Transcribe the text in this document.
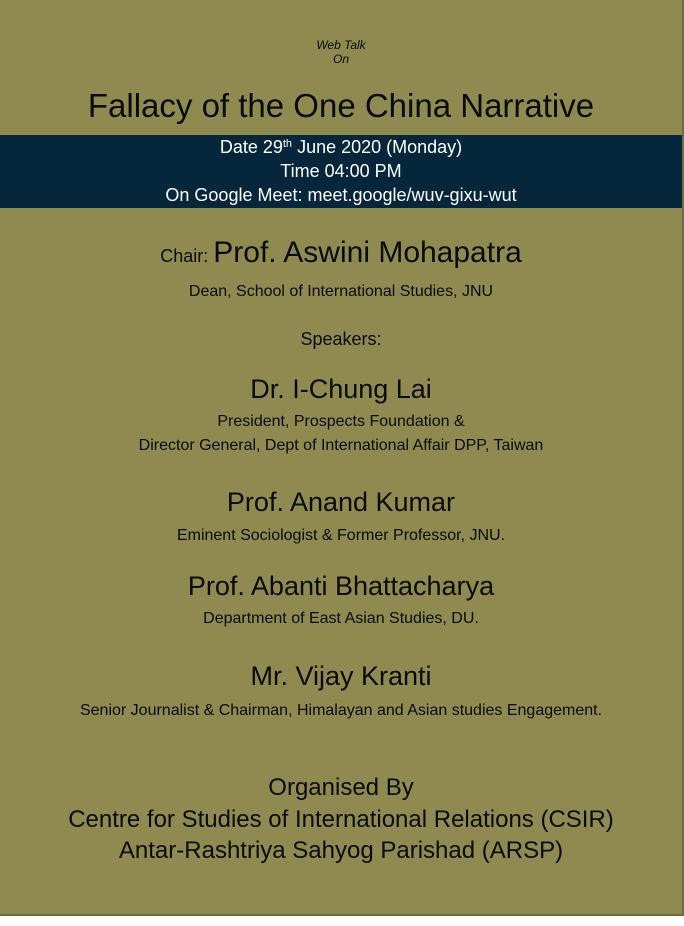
Web Talk
On
Fallacy of the One China Narrative
Date 29th June 2020 (Monday)
Time 04:00 PM
On Google Meet: meet.google/wuv-gixu-wut
Chair: Prof. Aswini Mohapatra
Dean, School of International Studies, JNU
Speakers:
Dr. I-Chung Lai
President, Prospects Foundation &
Director General, Dept of International Affair DPP, Taiwan
Prof. Anand Kumar
Eminent Sociologist & Former Professor, JNU.
Prof. Abanti Bhattacharya
Department of East Asian Studies, DU.
Mr. Vijay Kranti
Senior Journalist & Chairman, Himalayan and Asian studies Engagement.
Organised By
Centre for Studies of International Relations (CSIR)
Antar-Rashtriya Sahyog Parishad (ARSP)
